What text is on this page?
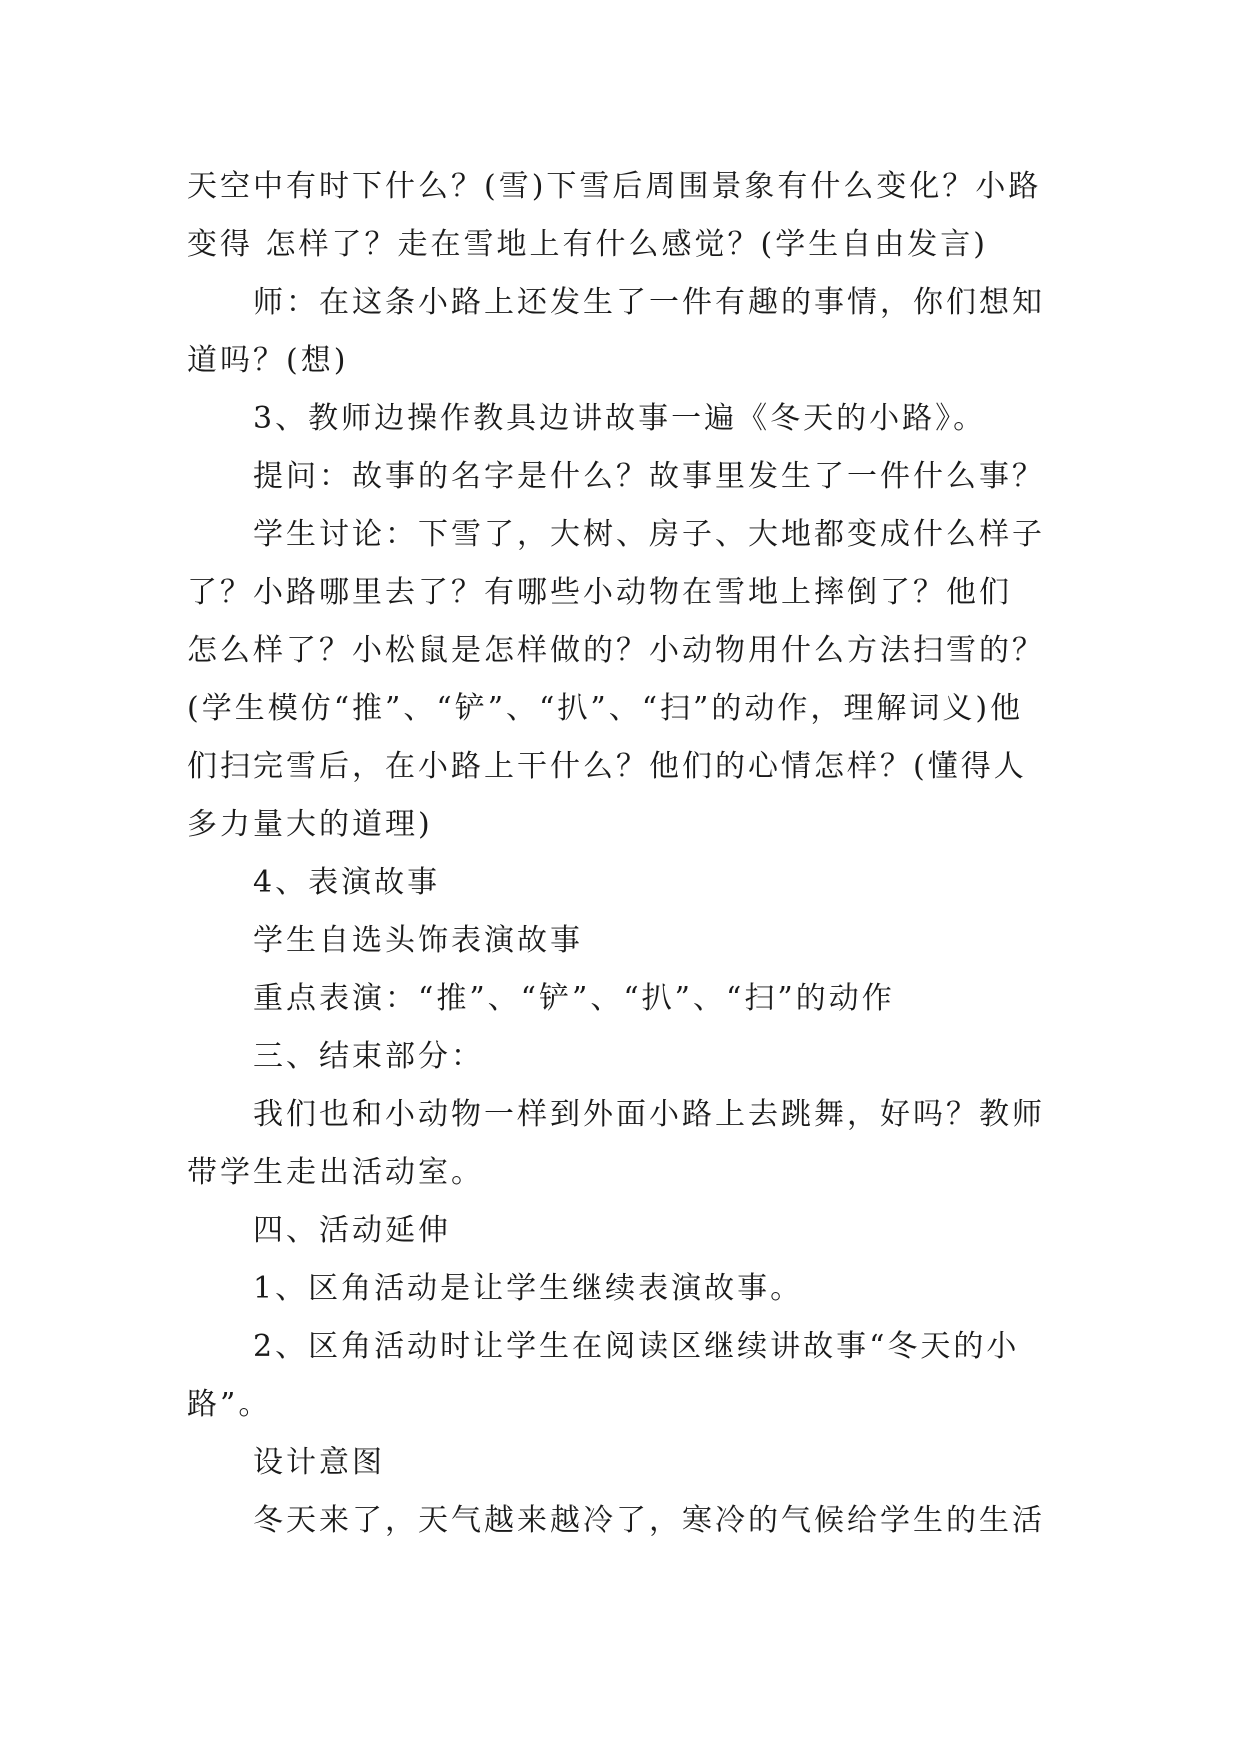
天空中有时下什么？(雪)下雪后周围景象有什么变化？小路
变得 怎样了？走在雪地上有什么感觉？(学生自由发言)
师：在这条小路上还发生了一件有趣的事情，你们想知
道吗？(想)
3、教师边操作教具边讲故事一遍《冬天的小路》。
提问：故事的名字是什么？故事里发生了一件什么事？
学生讨论：下雪了，大树、房子、大地都变成什么样子
了？小路哪里去了？有哪些小动物在雪地上摔倒了？他们
怎么样了？小松鼠是怎样做的？小动物用什么方法扫雪的？
(学生模仿“推”、“铲”、“扒”、“扫”的动作，理解词义)他
们扫完雪后，在小路上干什么？他们的心情怎样？(懂得人
多力量大的道理)
4、表演故事
学生自选头饰表演故事
重点表演：“推”、“铲”、“扒”、“扫”的动作
三、结束部分：
我们也和小动物一样到外面小路上去跳舞，好吗？教师
带学生走出活动室。
四、活动延伸
1、区角活动是让学生继续表演故事。
2、区角活动时让学生在阅读区继续讲故事“冬天的小
路”。
设计意图
冬天来了，天气越来越冷了，寒冷的气候给学生的生活
